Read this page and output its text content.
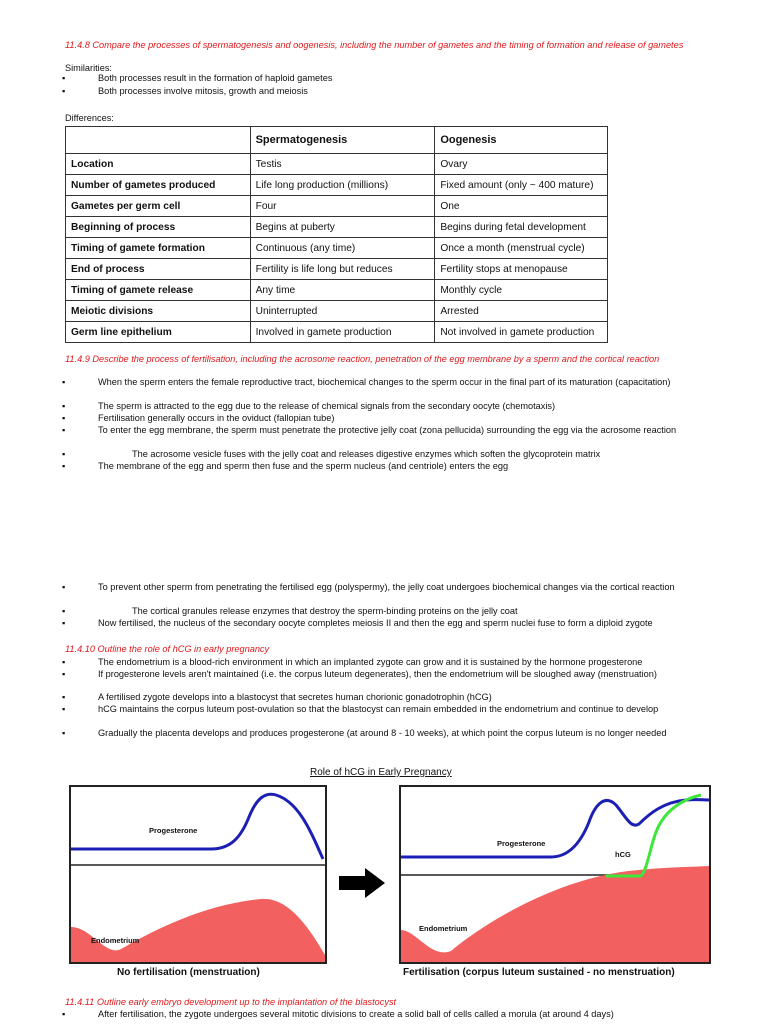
11.4.8 Compare the processes of spermatogenesis and oogenesis, including the number of gametes and the timing of formation and release of gametes
Similarities:
▪	Both processes result in the formation of haploid gametes
▪	Both processes involve mitosis, growth and meiosis
Differences:
	Spermatogenesis	Oogenesis
Location	Testis	Ovary
Number of gametes produced	Life long production (millions)	Fixed amount (only ~ 400 mature)
Gametes per germ cell	Four	One
Beginning of process	Begins at puberty	Begins during fetal development
Timing of gamete formation	Continuous (any time)	Once a month (menstrual cycle)
End of process	Fertility is life long but reduces	Fertility stops at menopause
Timing of gamete release	Any time	Monthly cycle
Meiotic divisions	Uninterrupted	Arrested
Germ line epithelium	Involved in gamete production	Not involved in gamete production
11.4.9 Describe the process of fertilisation, including the acrosome reaction, penetration of the egg membrane by a sperm and the cortical reaction
▪	When the sperm enters the female reproductive tract, biochemical changes to the sperm occur in the final part of its maturation (capacitation)
▪	The sperm is attracted to the egg due to the release of chemical signals from the secondary oocyte (chemotaxis)
▪	Fertilisation generally occurs in the oviduct (fallopian tube)
▪	To enter the egg membrane, the sperm must penetrate the protective jelly coat (zona pellucida) surrounding the egg via the acrosome reaction
▪	The acrosome vesicle fuses with the jelly coat and releases digestive enzymes which soften the glycoprotein matrix
▪	The membrane of the egg and sperm then fuse and the sperm nucleus (and centriole) enters the egg
▪	To prevent other sperm from penetrating the fertilised egg (polyspermy), the jelly coat undergoes biochemical changes via the cortical reaction
▪	The cortical granules release enzymes that destroy the sperm-binding proteins on the jelly coat
▪	Now fertilised, the nucleus of the secondary oocyte completes meiosis II and then the egg and sperm nuclei fuse to form a diploid zygote
11.4.10 Outline the role of hCG in early pregnancy
▪	The endometrium is a blood-rich environment in which an implanted zygote can grow and it is sustained by the hormone progesterone
▪	If progesterone levels aren't maintained (i.e. the corpus luteum degenerates), then the endometrium will be sloughed away (menstruation)
▪	A fertilised zygote develops into a blastocyst that secretes human chorionic gonadotrophin (hCG)
▪	hCG maintains the corpus luteum post-ovulation so that the blastocyst can remain embedded in the endometrium and continue to develop
▪	Gradually the placenta develops and produces progesterone (at around 8 - 10 weeks), at which point the corpus luteum is no longer needed
Role of hCG in Early Pregnancy
Progesterone
Endometrium
Progesterone
hCG
Endometrium
No fertilisation (menstruation)	Fertilisation (corpus luteum sustained - no menstruation)
11.4.11 Outline early embryo development up to the implantation of the blastocyst
▪	After fertilisation, the zygote undergoes several mitotic divisions to create a solid ball of cells called a morula (at around 4 days)
